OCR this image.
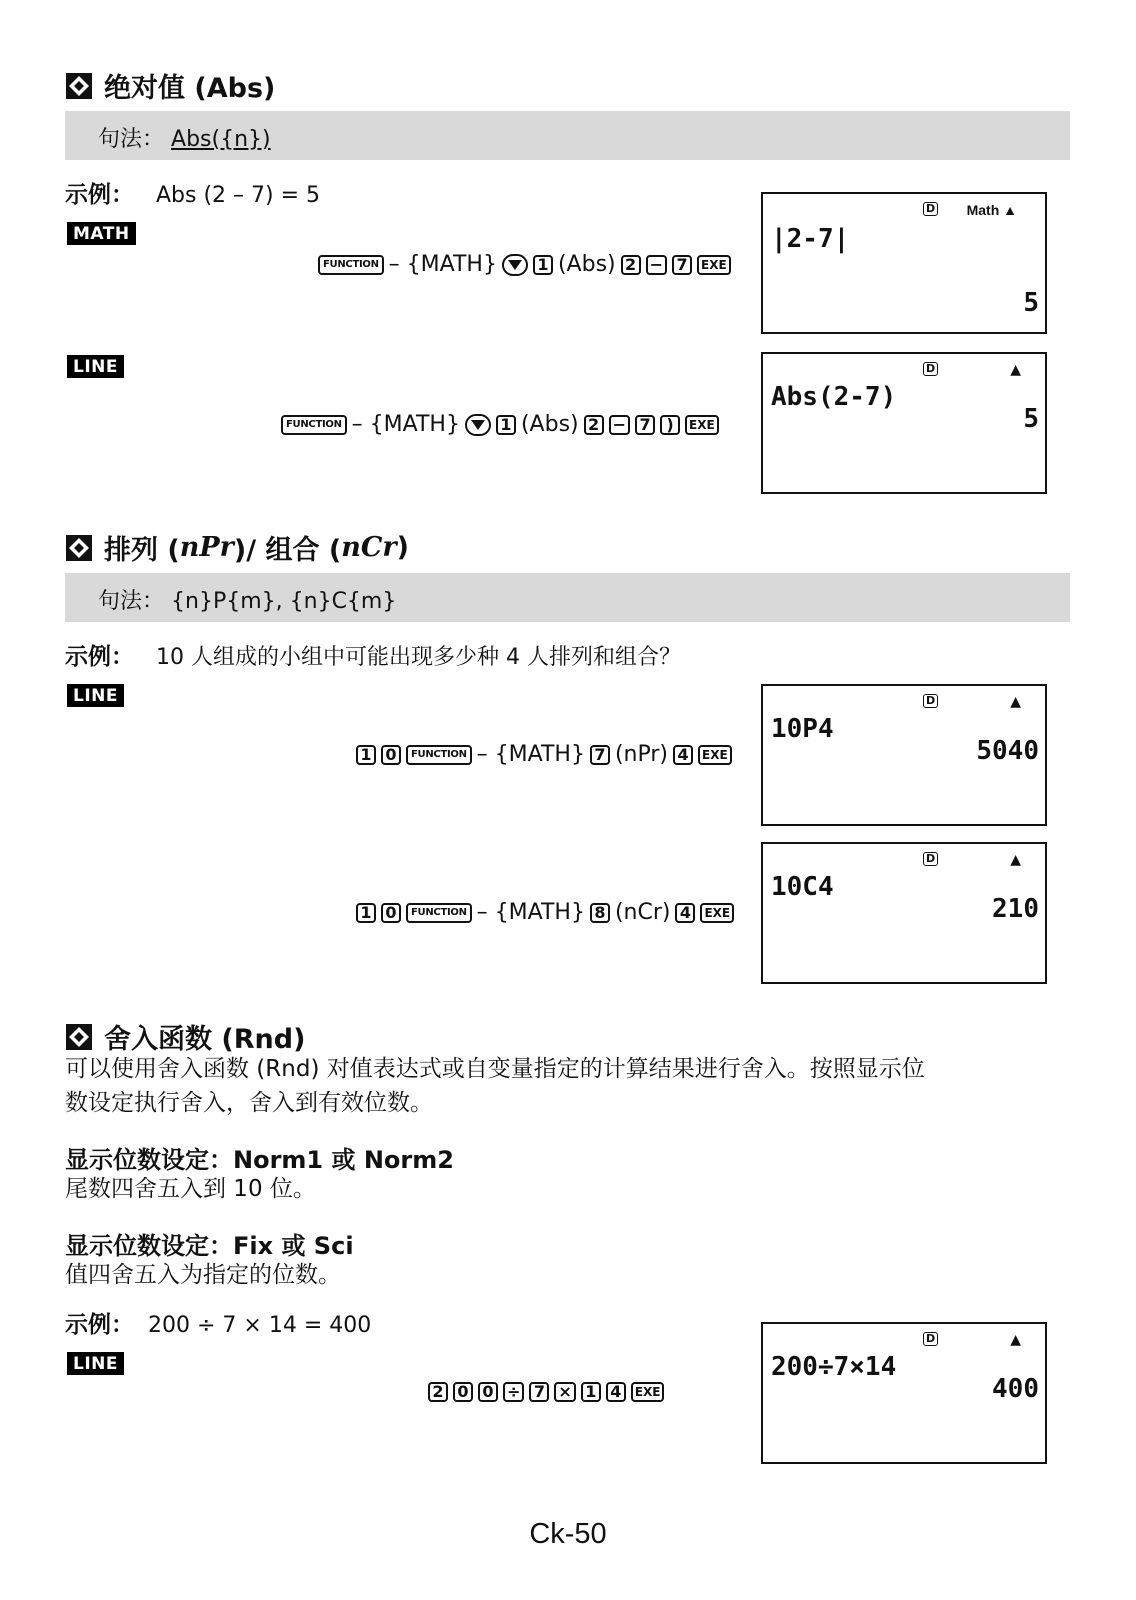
绝对值 (Abs)
句法： Abs({n})
示例： Abs (2 – 7) = 5
MATH
FUNCTION – {MATH}	1 (Abs) 2 − 7	EXE
D Math ▲
|2-7|
5
LINE
FUNCTION – {MATH}	1 (Abs) 2 − 7 )	EXE
D	▲
Abs(2-7)
5
排列 ( nPr )/ 组合 ( nCr )
句法： {n}P{m}, {n}C{m}
示例： 10 人组成的小组中可能出现多少种 4 人排列和组合？
LINE
1 0	FUNCTION – {MATH} 7 (nPr) 4	EXE
D	▲
10P4
5040
1 0	FUNCTION – {MATH} 8 (nCr) 4	EXE
D	▲
10C4
210
舍入函数 (Rnd)
可以使用舍入函数 (Rnd) 对值表达式或自变量指定的计算结果进行舍入。按照显示位
数设定执行舍入，舍入到有效位数。
显示位数设定：Norm1 或 Norm2
尾数四舍五入到 10 位。
显示位数设定：Fix 或 Sci
值四舍五入为指定的位数。
示例： 200 ÷ 7 × 14 = 400
LINE
2 0 0 ÷ 7 × 1 4	EXE
D	▲
200÷7×14
400
Ck-50
